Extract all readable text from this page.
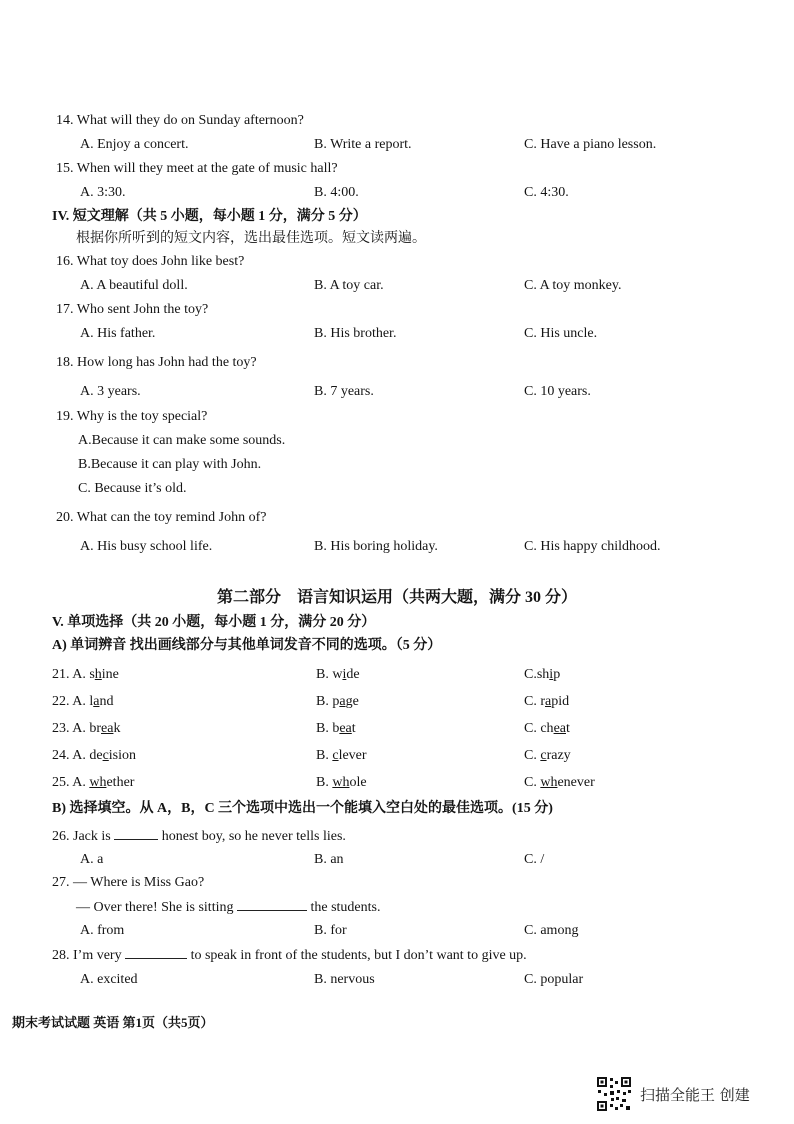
14. What will they do on Sunday afternoon?
A. Enjoy a concert.	B. Write a report.	C. Have a piano lesson.
15. When will they meet at the gate of music hall?
A. 3:30.	B. 4:00.	C. 4:30.
IV. 短文理解（共 5 小题，每小题 1 分，满分 5 分）
根据你所听到的短文内容，选出最佳选项。短文读两遍。
16. What toy does John like best?
A. A beautiful doll.	B. A toy car.	C. A toy monkey.
17. Who sent John the toy?
A. His father.	B. His brother.	C. His uncle.
18. How long has John had the toy?
A. 3 years.	B. 7 years.	C. 10 years.
19. Why is the toy special?
A.Because it can make some sounds.
B.Because it can play with John.
C. Because it’s old.
20. What can the toy remind John of?
A. His busy school life.	B. His boring holiday.	C. His happy childhood.
第二部分　语言知识运用（共两大题，满分 30 分）
V. 单项选择（共 20 小题，每小题 1 分，满分 20 分）
A) 单词辨音 找出画线部分与其他单词发音不同的选项。（5 分）
21. A. shine	B. wide	C.ship
22. A. land	B. page	C. rapid
23. A. break	B. beat	C. cheat
24. A. decision	B. clever	C. crazy
25. A. whether	B. whole	C. whenever
B) 选择填空。从 A，B，C 三个选项中选出一个能填入空白处的最佳选项。(15 分)
26. Jack is	honest boy, so he never tells lies.
A. a	B. an	C. /
27. — Where is Miss Gao?
— Over there! She is sitting	the students.
A. from	B. for	C. among
28. I’m very	to speak in front of the students, but I don’t want to give up.
A. excited	B. nervous	C. popular
期末考试试题 英语 第1页（共5页）
扫描全能王 创建
